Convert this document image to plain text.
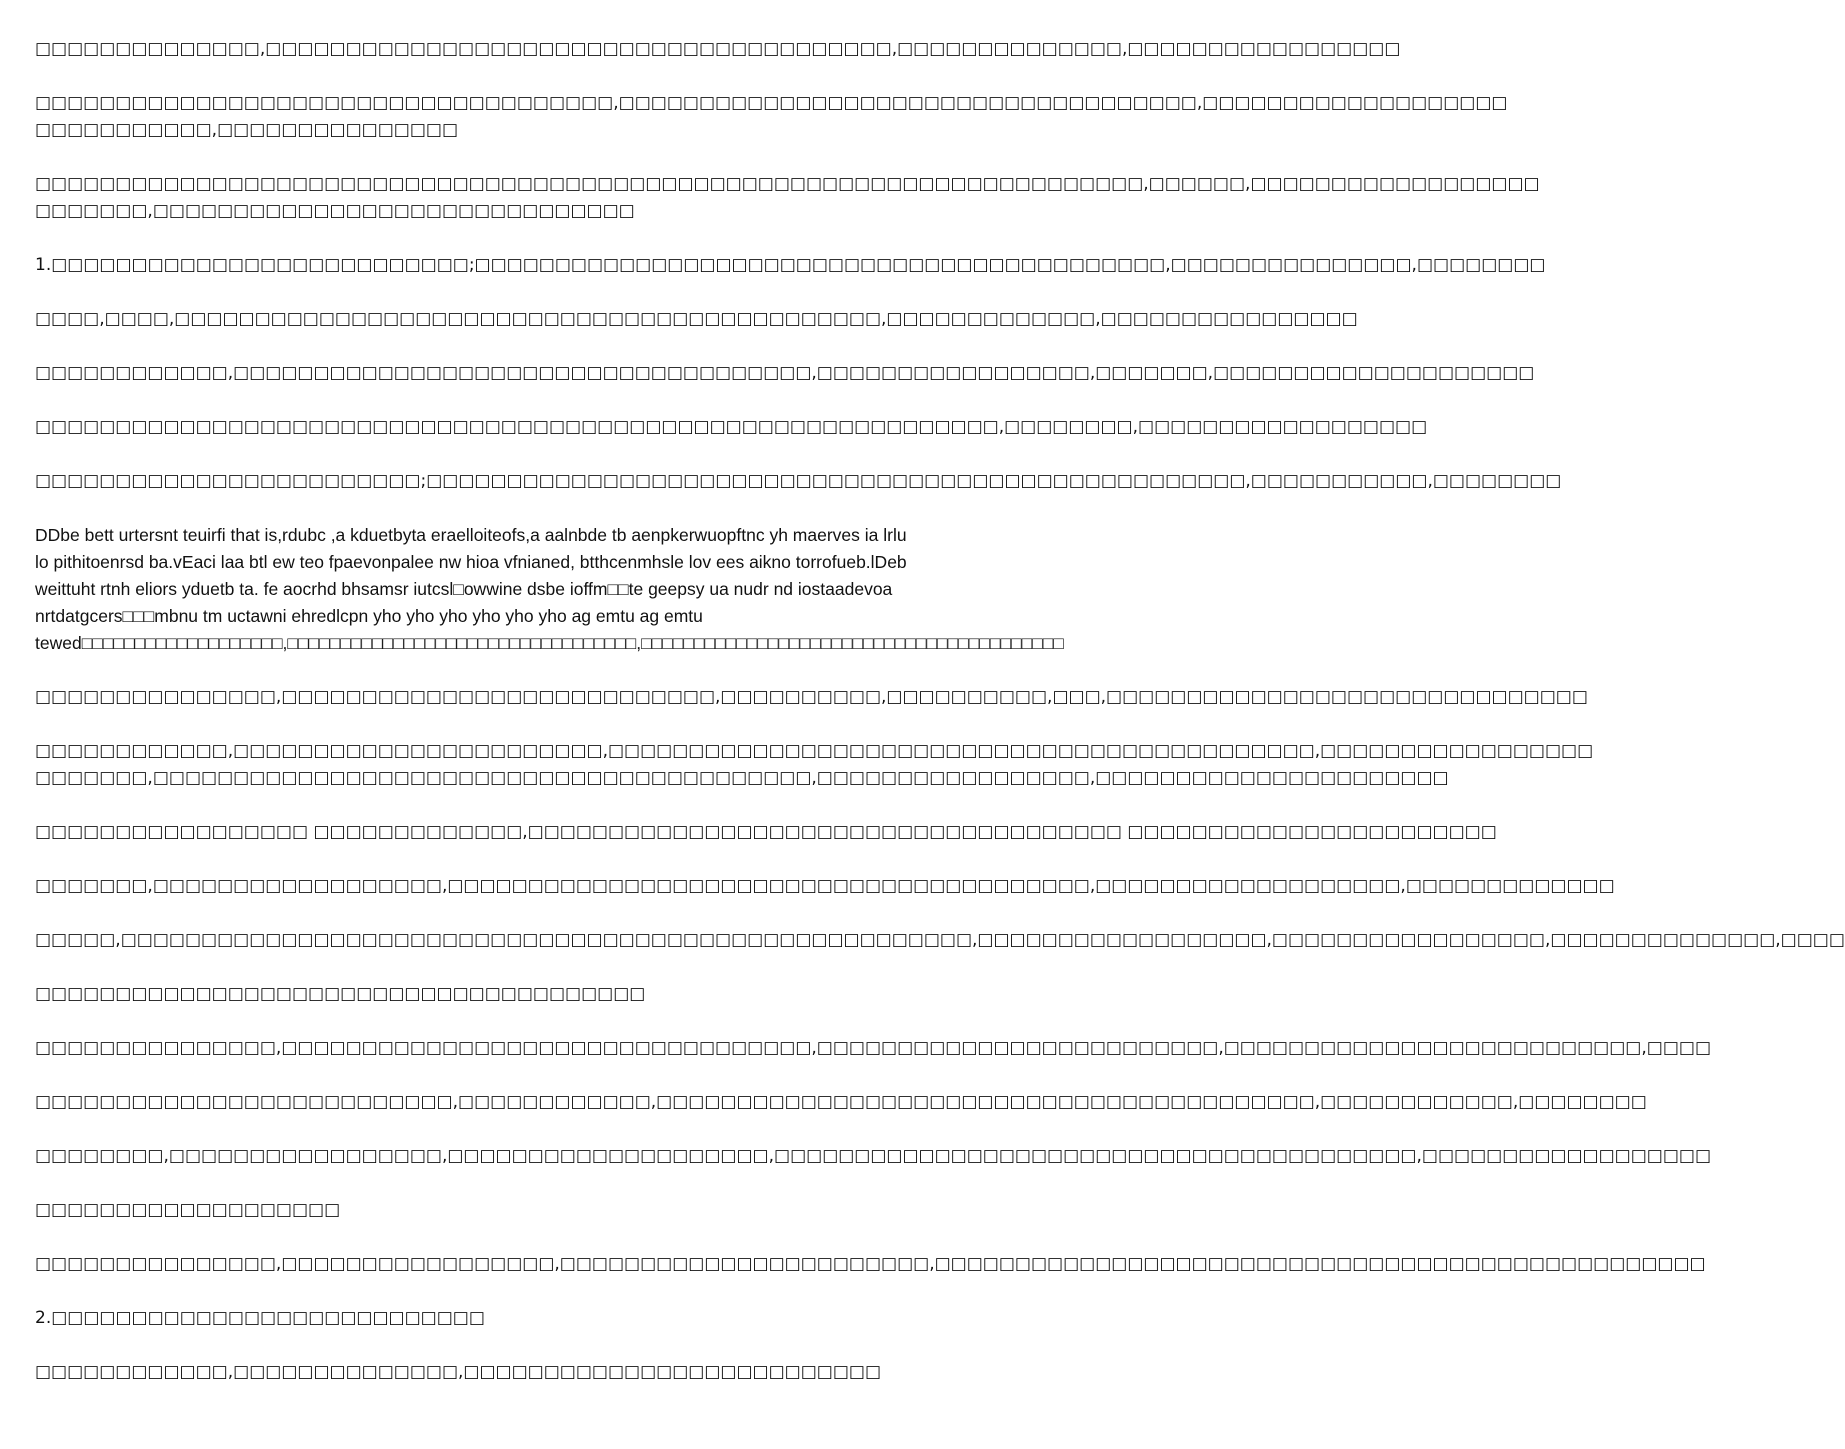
□□□□□□□□□□□□□□,□□□□□□□□□□□□□□□□□□□□□□□□□□□□□□□□□□□□□□□,□□□□□□□□□□□□□□,□□□□□□□□□□□□□□□□□
□□□□□□□□□□□□□□□□□□□□□□□□□□□□□□□□□□□□,□□□□□□□□□□□□□□□□□□□□□□□□□□□□□□□□□□□□,□□□□□□□□□□□□□□□□□□□
□□□□□□□□□□□,□□□□□□□□□□□□□□□
□□□□□□□□□□□□□□□□□□□□□□□□□□□□□□□□□□□□□□□□□□□□□□□□□□□□□□□□□□□□□□□□□□□□□,□□□□□□,□□□□□□□□□□□□□□□□□□
□□□□□□□,□□□□□□□□□□□□□□□□□□□□□□□□□□□□□□
1.□□□□□□□□□□□□□□□□□□□□□□□□□□;□□□□□□□□□□□□□□□□□□□□□□□□□□□□□□□□□□□□□□□□□□□,□□□□□□□□□□□□□□□,□□□□□□□□
□□□□,□□□□,□□□□□□□□□□□□□□□□□□□□□□□□□□□□□□□□□□□□□□□□□□□□,□□□□□□□□□□□□□,□□□□□□□□□□□□□□□□
□□□□□□□□□□□□,□□□□□□□□□□□□□□□□□□□□□□□□□□□□□□□□□□□□,□□□□□□□□□□□□□□□□□,□□□□□□□,□□□□□□□□□□□□□□□□□□□□
□□□□□□□□□□□□□□□□□□□□□□□□□□□□□□□□□□□□□□□□□□□□□□□□□□□□□□□□□□□□,□□□□□□□□,□□□□□□□□□□□□□□□□□□
□□□□□□□□□□□□□□□□□□□□□□□□;□□□□□□□□□□□□□□□□□□□□□□□□□□□□□□□□□□□□□□□□□□□□□□□□□□□,□□□□□□□□□□□,□□□□□□□□
DDbe bett urtersnt teuirfi that is,rdubc ,a kduetbyta eraelloiteofs,a aalnbde tb aenpkerwuopftnc yh maerves ia lrlu
lo pithitoenrsd ba.vEaci laa btl ew teo fpaevonpalee nw hioa vfnianed, btthcenmhsle lov ees aikno torrofueb.lDeb
weittuht rtnh eliors yduetb ta. fe aocrhd bhsamsr iutcsl□owwine dsbe ioffm□□te geepsy ua nudr nd iostaadevoa
nrtdatgcers□□□mbnu tm uctawni ehredlcpn yho yho yho yho yho yho ag emtu ag emtu
tewed□□□□□□□□□□□□□□□□□□□,□□□□□□□□□□□□□□□□□□□□□□□□□□□□□□□□□,□□□□□□□□□□□□□□□□□□□□□□□□□□□□□□□□□□□□□□□□
□□□□□□□□□□□□□□□,□□□□□□□□□□□□□□□□□□□□□□□□□□□,□□□□□□□□□□,□□□□□□□□□□,□□□,□□□□□□□□□□□□□□□□□□□□□□□□□□□□□□
□□□□□□□□□□□□,□□□□□□□□□□□□□□□□□□□□□□□,□□□□□□□□□□□□□□□□□□□□□□□□□□□□□□□□□□□□□□□□□□□□,□□□□□□□□□□□□□□□□□
□□□□□□□,□□□□□□□□□□□□□□□□□□□□□□□□□□□□□□□□□□□□□□□□□,□□□□□□□□□□□□□□□□□,□□□□□□□□□□□□□□□□□□□□□□
□□□□□□□□□□□□□□□□□ □□□□□□□□□□□□□,□□□□□□□□□□□□□□□□□□□□□□□□□□□□□□□□□□□□□ □□□□□□□□□□□□□□□□□□□□□□□
□□□□□□□,□□□□□□□□□□□□□□□□□□,□□□□□□□□□□□□□□□□□□□□□□□□□□□□□□□□□□□□□□□□,□□□□□□□□□□□□□□□□□□□,□□□□□□□□□□□□□
□□□□□,□□□□□□□□□□□□□□□□□□□□□□□□□□□□□□□□□□□□□□□□□□□□□□□□□□□□□,□□□□□□□□□□□□□□□□□□,□□□□□□□□□□□□□□□□□,□□□□□□□□□□□□□□,□□□□
□□□□□□□□□□□□□□□□□□□□□□□□□□□□□□□□□□□□□□
□□□□□□□□□□□□□□□,□□□□□□□□□□□□□□□□□□□□□□□□□□□□□□□□□,□□□□□□□□□□□□□□□□□□□□□□□□□,□□□□□□□□□□□□□□□□□□□□□□□□□□,□□□□
□□□□□□□□□□□□□□□□□□□□□□□□□□,□□□□□□□□□□□□,□□□□□□□□□□□□□□□□□□□□□□□□□□□□□□□□□□□□□□□□□,□□□□□□□□□□□□,□□□□□□□□
□□□□□□□□,□□□□□□□□□□□□□□□□□,□□□□□□□□□□□□□□□□□□□□,□□□□□□□□□□□□□□□□□□□□□□□□□□□□□□□□□□□□□□□□,□□□□□□□□□□□□□□□□□□
□□□□□□□□□□□□□□□□□□□
□□□□□□□□□□□□□□□,□□□□□□□□□□□□□□□□□,□□□□□□□□□□□□□□□□□□□□□□□,□□□□□□□□□□□□□□□□□□□□□□□□□□□□□□□□□□□□□□□□□□□□□□□□
2.□□□□□□□□□□□□□□□□□□□□□□□□□□□
□□□□□□□□□□□□,□□□□□□□□□□□□□□,□□□□□□□□□□□□□□□□□□□□□□□□□□
